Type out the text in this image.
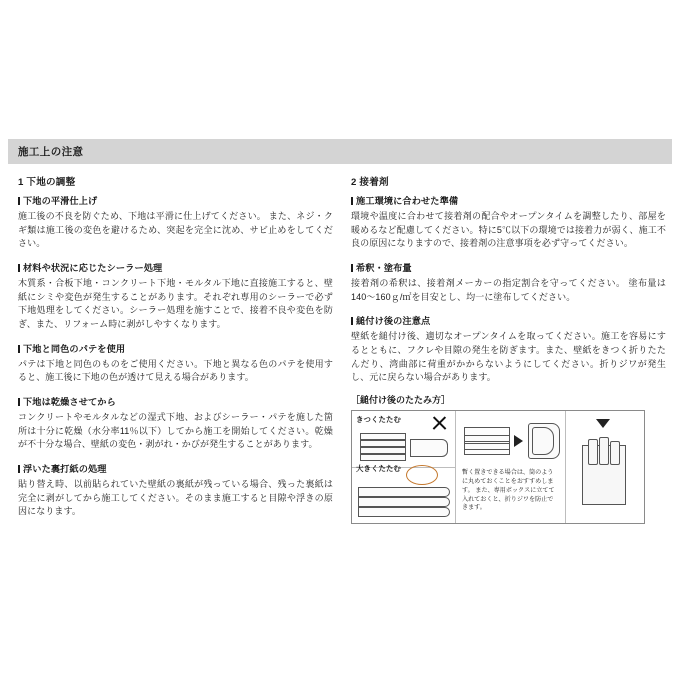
施工上の注意
1 下地の調整

下地の平滑仕上げ

施工後の不良を防ぐため、下地は平滑に仕上げてください。 また、ネジ・クギ類は施工後の変色を避けるため、突起を完全に沈め、サビ止めをしてください。

材料や状況に応じたシーラー処理

木質系・合板下地・コンクリート下地・モルタル下地に直接施工すると、壁紙にシミや変色が発生することがあります。それぞれ専用のシーラーで必ず下地処理をしてください。シーラー処理を施すことで、接着不良や変色を防ぎ、また、リフォーム時に剥がしやすくなります。

下地と同色のパテを使用

パテは下地と同色のものをご使用ください。下地と異なる色のパテを使用すると、施工後に下地の色が透けて見える場合があります。

下地は乾燥させてから

コンクリートやモルタルなどの湿式下地、およびシーラー・パテを施した箇所は十分に乾燥（水分率11％以下）してから施工を開始してください。乾燥が不十分な場合、壁紙の変色・剥がれ・かびが発生することがあります。

浮いた裏打紙の処理

貼り替え時、以前貼られていた壁紙の裏紙が残っている場合、残った裏紙は完全に剥がしてから施工してください。そのまま施工すると目隙や浮きの原因になります。

2 接着剤

施工環境に合わせた準備

環境や温度に合わせて接着剤の配合やオープンタイムを調整したり、部屋を暖めるなど配慮してください。特に5℃以下の環境では接着力が弱く、施工不良の原因になりますので、接着剤の注意事項を必ず守ってください。

希釈・塗布量

接着剤の希釈は、接着剤メーカーの指定割合を守ってください。 塗布量は140～160ｇ/㎡を目安とし、均一に塗布してください。

縋付け後の注意点

壁紙を縋付け後、適切なオープンタイムを取ってください。施工を容易にするとともに、フクレや目隙の発生を防ぎます。また、壁紙をきつく折りたたんだり、湾曲部に荷重がかからないようにしてください。折りジワが発生し、元に戻らない場合があります。

［縋付け後のたたみ方］

きつくたたむ
大きくたたむ	暫く置きできる場合は、筒のように丸めておくことをおすすめします。 また、専用ボックスに立てて入れておくと、折りジワを防止できます。
